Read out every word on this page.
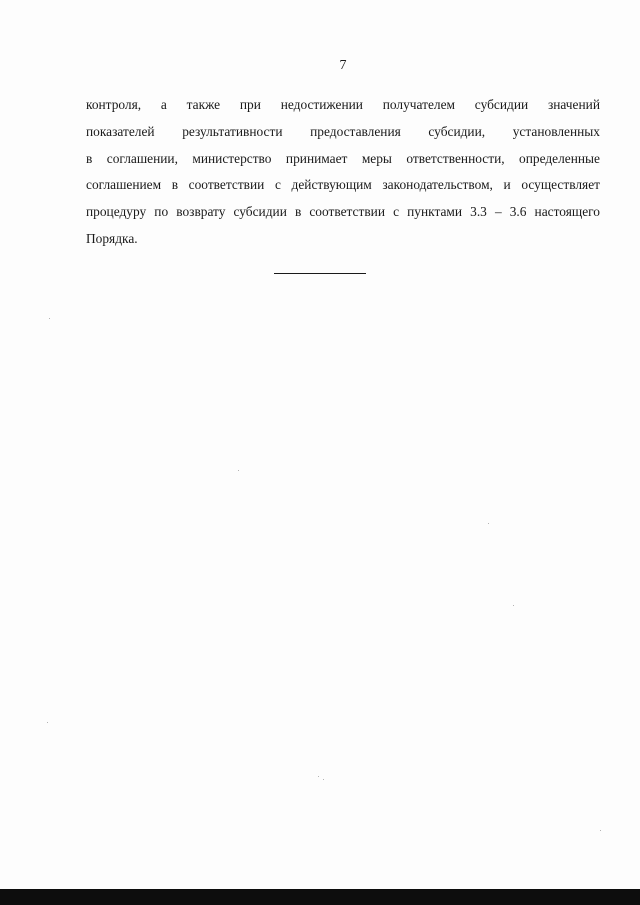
7
контроля, а также при недостижении получателем субсидии значений
показателей результативности предоставления субсидии, установленных
в соглашении, министерство принимает меры ответственности, определенные
соглашением в соответствии с действующим законодательством, и осуществляет
процедуру по возврату субсидии в соответствии с пунктами 3.3 – 3.6 настоящего
Порядка.
